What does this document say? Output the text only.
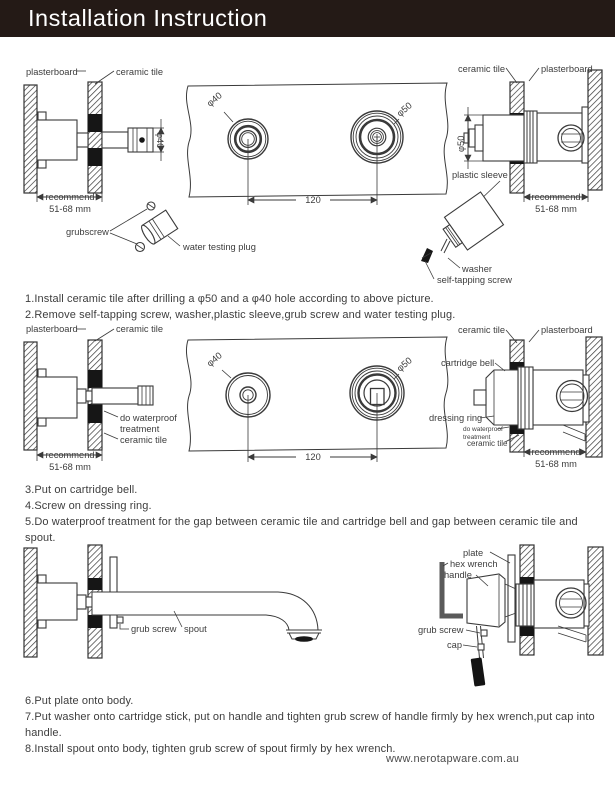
Installation Instruction
φ40
plasterboard	ceramic tile
recommend
51-68 mm
grubscrew
water testing plug
φ40
φ50
120
φ50
ceramic tile	plasterboard
recommend
51-68 mm
plastic sleeve
washer
self-tapping screw

1.Install ceramic tile after drilling a φ50 and a φ40 hole according to above picture.

2.Remove self-tapping screw, washer,plastic sleeve,grub screw and water testing plug.

plasterboard	ceramic tile
do waterproof
treatment
ceramic tile
recommend
51-68 mm
φ40	φ50
120
ceramic tile	plasterboard
cartridge bell
dressing ring
do waterproof
treatment
ceramic tile
recommend
51-68 mm

3.Put on cartridge bell.

4.Screw on dressing ring.

5.Do waterproof treatment for the gap between ceramic tile and cartridge bell and gap between ceramic tile and spout.

grub screw spout
plate
hex wrench
handle
grub screw
cap

6.Put plate onto body.

7.Put washer onto cartridge stick, put on handle and tighten grub screw of handle firmly by hex wrench,put cap into handle.

8.Install spout onto body, tighten grub screw of spout firmly by hex wrench.

www.nerotapware.com.au
